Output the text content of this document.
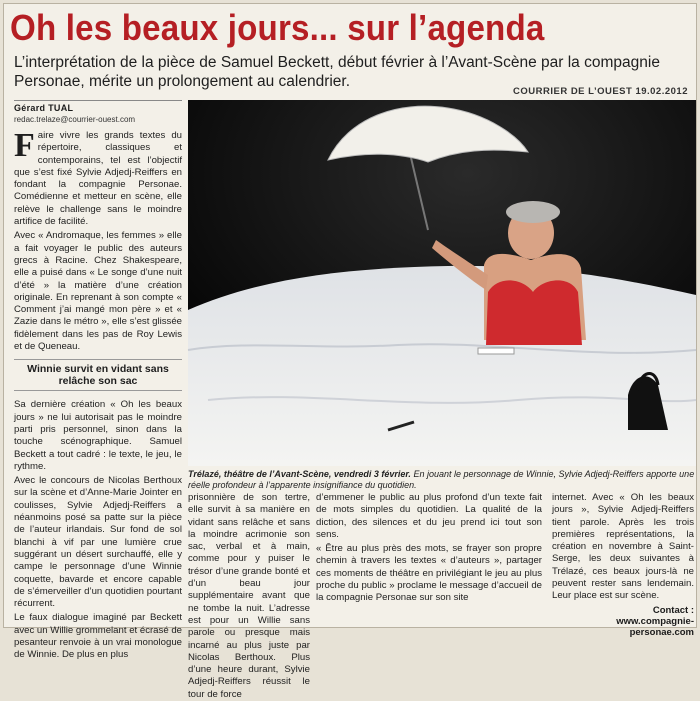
Oh les beaux jours... sur l’agenda

L’interprétation de la pièce de Samuel Beckett, début février à l’Avant-Scène par la compagnie Personae, mérite un prolongement au calendrier.

COURRIER DE L’OUEST 19.02.2012
Gérard TUAL
redac.trelaze@courrier-ouest.com

Faire vivre les grands textes du répertoire, classiques et contemporains, tel est l’objectif que s’est fixé Sylvie Adjedj-Reiffers en fondant la compagnie Personae. Comédienne et metteur en scène, elle relève le challenge sans le moindre artifice de facilité.

Avec « Andromaque, les femmes » elle a fait voyager le public des auteurs grecs à Racine. Chez Shakespeare, elle a puisé dans « Le songe d’une nuit d’été » la matière d’une création originale. En reprenant à son compte « Comment j’ai mangé mon père » et « Zazie dans le métro », elle s’est glissée fidèlement dans les pas de Roy Lewis et de Queneau.

Winnie survit en vidant sans relâche son sac

Sa dernière création « Oh les beaux jours » ne lui autorisait pas le moindre parti pris personnel, sinon dans la touche scénographique. Samuel Beckett a tout cadré : le texte, le jeu, le rythme.

Avec le concours de Nicolas Berthoux sur la scène et d’Anne-Marie Jointer en coulisses, Sylvie Adjedj-Reiffers a néanmoins posé sa patte sur la pièce de l’auteur irlandais. Sur fond de sol blanchi à vif par une lumière crue suggérant un désert surchauffé, elle y campe le personnage d’une Winnie coquette, bavarde et encore capable de s’émerveiller d’un quotidien pourtant récurrent.

Le faux dialogue imaginé par Beckett avec un Willie grommelant et écrasé de pesanteur renvoie à un vrai monologue de Winnie. De plus en plus

Trélazé, théâtre de l’Avant-Scène, vendredi 3 février. En jouant le personnage de Winnie, Sylvie Adjedj-Reiffers apporte une réelle profondeur à l’apparente insignifiance du quotidien.

prisonnière de son tertre, elle survit à sa manière en vidant sans relâche et sans la moindre acrimonie son sac, verbal et à main, comme pour y puiser le trésor d’une grande bonté et d’un beau jour supplémentaire avant que ne tombe la nuit. L’adresse est pour un Willie sans parole ou presque mais incarné au plus juste par Nicolas Berthoux. Plus d’une heure durant, Sylvie Adjedj-Reiffers réussit le tour de force

d’emmener le public au plus profond d’un texte fait de mots simples du quotidien. La qualité de la diction, des silences et du jeu prend ici tout son sens.

« Être au plus près des mots, se frayer son propre chemin à travers les textes « d’auteurs », partager ces moments de théâtre en privilégiant le jeu au plus proche du public » proclame le message d’accueil de la compagnie Personae sur son site

internet. Avec « Oh les beaux jours », Sylvie Adjedj-Reiffers tient parole. Après les trois premières représentations, la création en novembre à Saint-Serge, les deux suivantes à Trélazé, ces beaux jours-là ne peuvent rester sans lendemain. Leur place est sur scène.

Contact :
www.compagnie-personae.com
